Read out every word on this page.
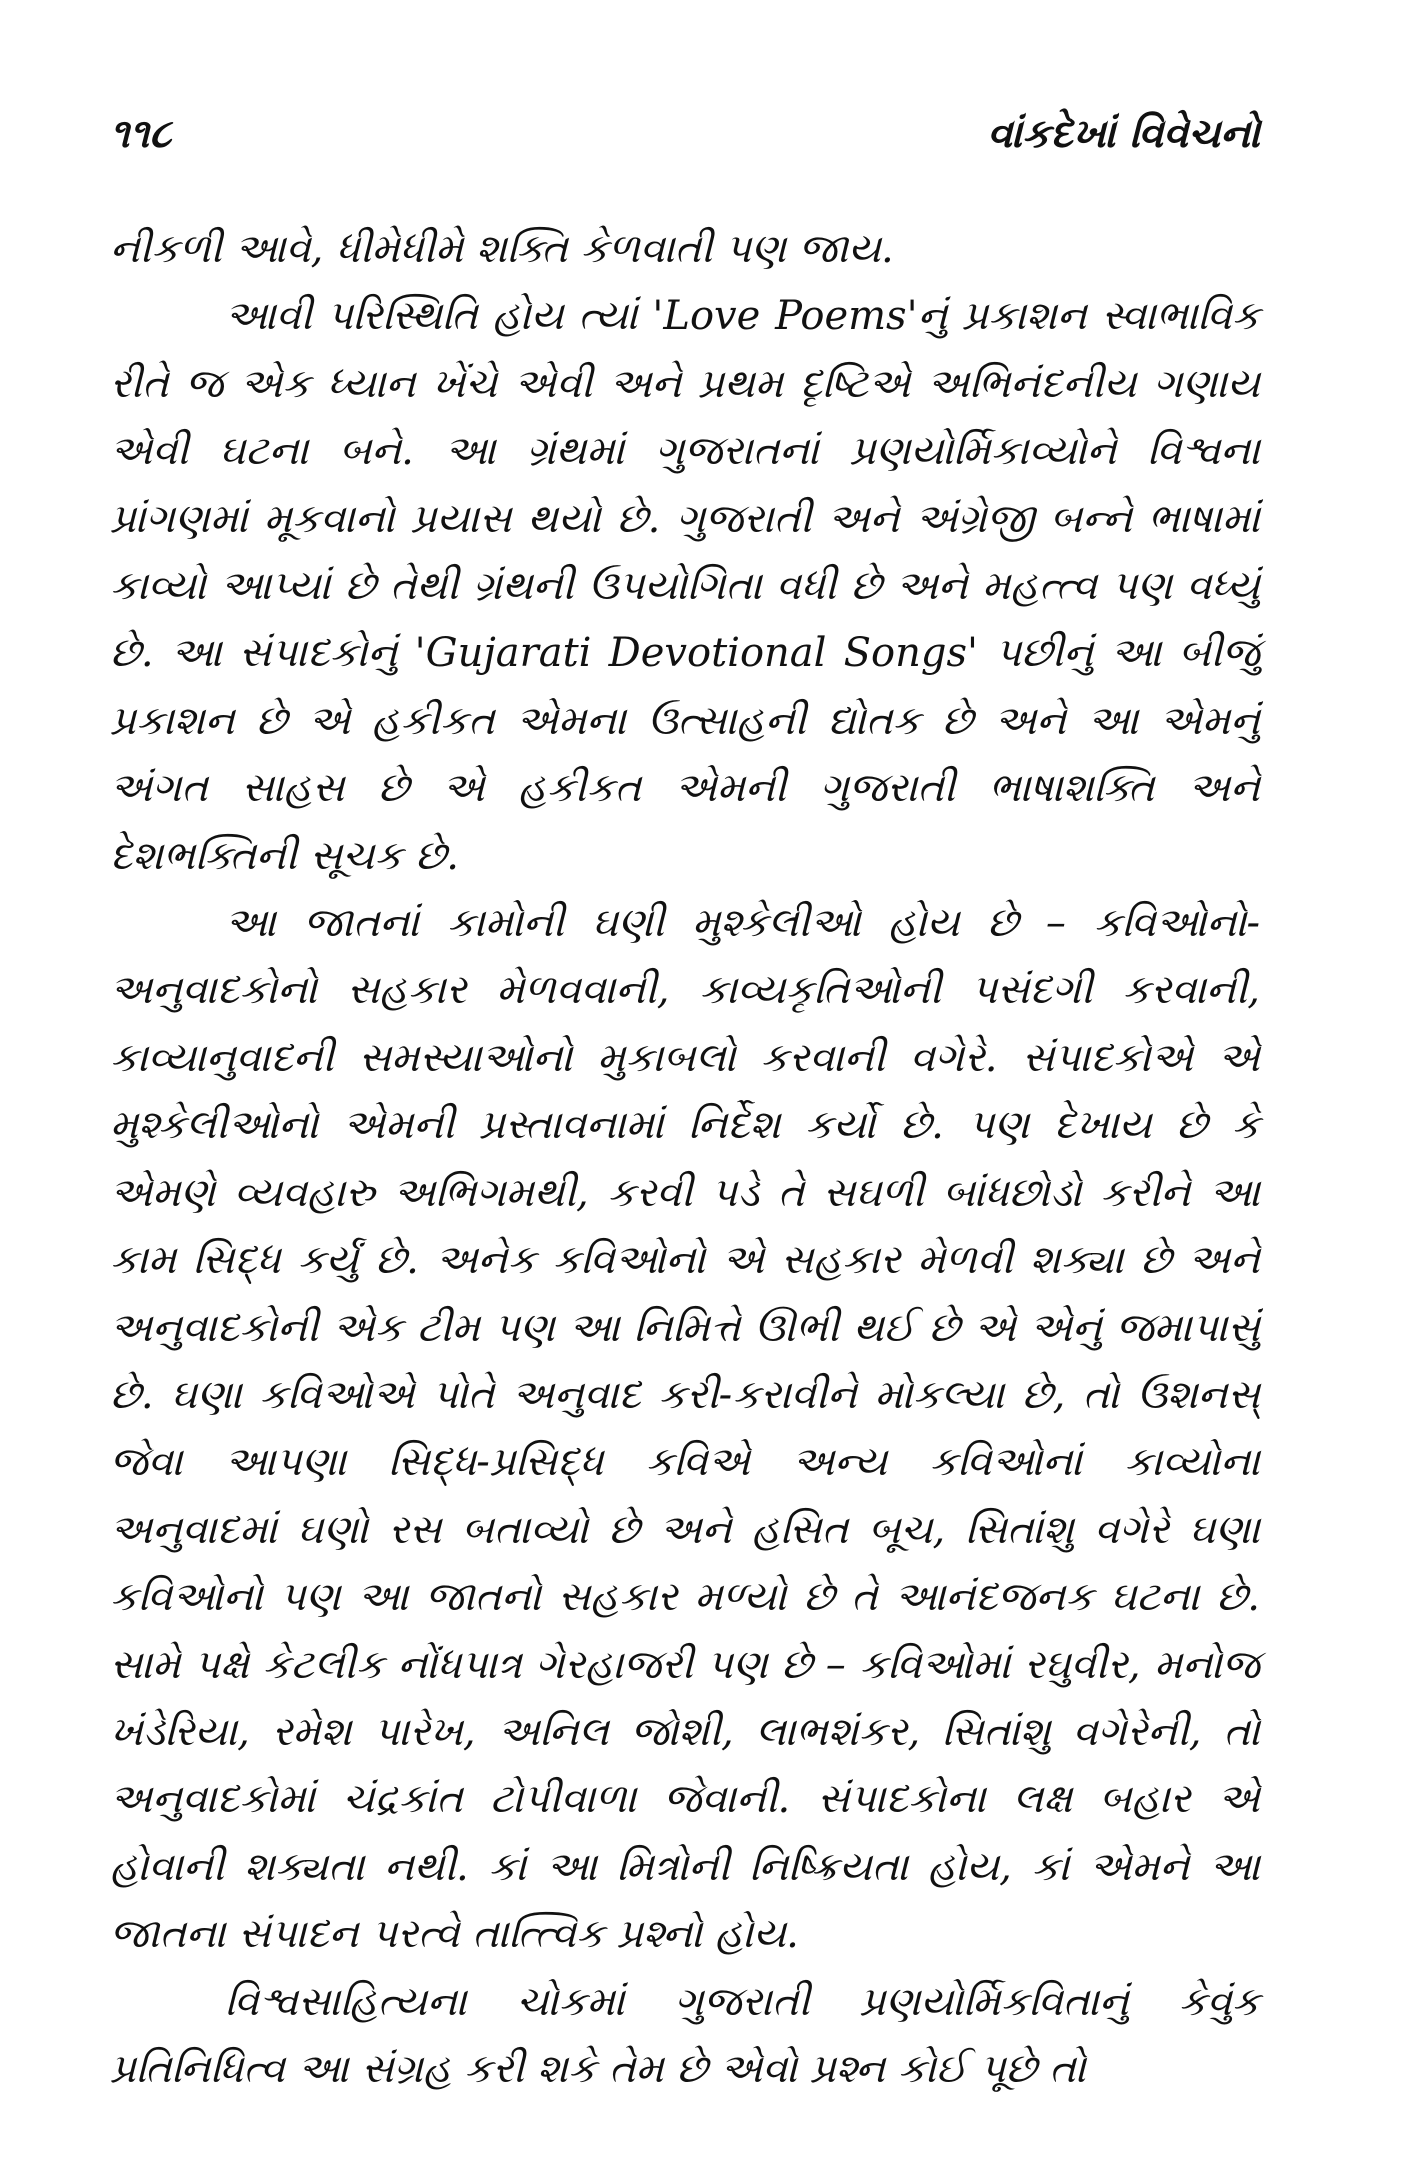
૧૧૮	વાંકદેખાં વિવેચનો

નીકળી આવે, ધીમેધીમે શક્તિ કેળવાતી પણ જાય.

આવી પરિસ્થિતિ હોય ત્યાં 'Love Poems'નું પ્રકાશન સ્વાભાવિક રીતે જ એક ધ્યાન ખેંચે એવી અને પ્રથમ દૃષ્ટિએ અભિનંદનીય ગણાય એવી ઘટના બને. આ ગ્રંથમાં ગુજરાતનાં પ્રણયોર્મિકાવ્યોને વિશ્વના પ્રાંગણમાં મૂકવાનો પ્રયાસ થયો છે. ગુજરાતી અને અંગ્રેજી બન્ને ભાષામાં કાવ્યો આપ્યાં છે તેથી ગ્રંથની ઉપયોગિતા વધી છે અને મહત્ત્વ પણ વધ્યું છે. આ સંપાદકોનું 'Gujarati Devotional Songs' પછીનું આ બીજું પ્રકાશન છે એ હકીકત એમના ઉત્સાહની દ્યોતક છે અને આ એમનું અંગત સાહસ છે એ હકીકત એમની ગુજરાતી ભાષાશક્તિ અને દેશભક્તિની સૂચક છે.

આ જાતનાં કામોની ઘણી મુશ્કેલીઓ હોય છે – કવિઓનો-અનુવાદકોનો સહકાર મેળવવાની, કાવ્યકૃતિઓની પસંદગી કરવાની, કાવ્યાનુવાદની સમસ્યાઓનો મુકાબલો કરવાની વગેરે. સંપાદકોએ એ મુશ્કેલીઓનો એમની પ્રસ્તાવનામાં નિર્દેશ કર્યો છે. પણ દેખાય છે કે એમણે વ્યવહારુ અભિગમથી, કરવી પડે તે સઘળી બાંધછોડો કરીને આ કામ સિદ્ધ કર્યું છે. અનેક કવિઓનો એ સહકાર મેળવી શક્યા છે અને અનુવાદકોની એક ટીમ પણ આ નિમિત્તે ઊભી થઈ છે એ એનું જમાપાસું છે. ઘણા કવિઓએ પોતે અનુવાદ કરી-કરાવીને મોકલ્યા છે, તો ઉશનસ્ જેવા આપણા સિદ્ધ-પ્રસિદ્ધ કવિએ અન્ય કવિઓનાં કાવ્યોના અનુવાદમાં ઘણો રસ બતાવ્યો છે અને હસિત બૂચ, સિતાંશુ વગેરે ઘણા કવિઓનો પણ આ જાતનો સહકાર મળ્યો છે તે આનંદજનક ઘટના છે. સામે પક્ષે કેટલીક નોંધપાત્ર ગેરહાજરી પણ છે – કવિઓમાં રઘુવીર, મનોજ ખંડેરિયા, રમેશ પારેખ, અનિલ જોશી, લાભશંકર, સિતાંશુ વગેરેની, તો અનુવાદકોમાં ચંદ્રકાંત ટોપીવાળા જેવાની. સંપાદકોના લક્ષ બહાર એ હોવાની શક્યતા નથી. કાં આ મિત્રોની નિષ્ક્રિયતા હોય, કાં એમને આ જાતના સંપાદન પરત્વે તાત્ત્વિક પ્રશ્નો હોય.

વિશ્વસાહિત્યના ચોકમાં ગુજરાતી પ્રણયોર્મિકવિતાનું કેવુંક પ્રતિનિધિત્વ આ સંગ્રહ કરી શકે તેમ છે એવો પ્રશ્ન કોઈ પૂછે તો
